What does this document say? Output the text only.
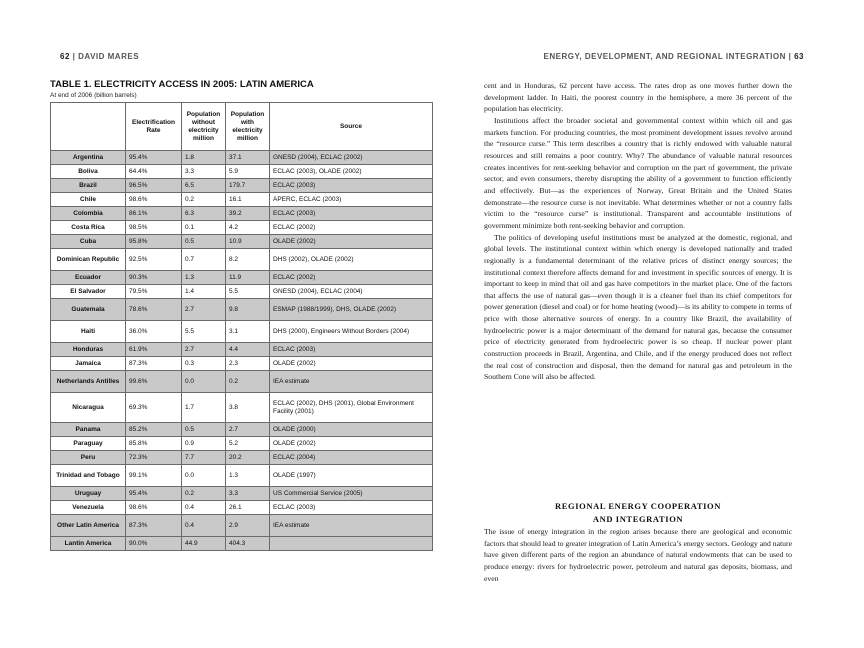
62 | DAVID MARES	ENERGY, DEVELOPMENT, AND REGIONAL INTEGRATION | 63
TABLE 1. ELECTRICITY ACCESS IN 2005: LATIN AMERICA
At end of 2006 (billion barrels)
	Electrification Rate	Population without electricity million	Population with electricity million	Source
Argentina	95.4%	1.8	37.1	GNESD (2004), ECLAC (2002)
Boliva	64.4%	3.3	5.9	ECLAC (2003), OLADE (2002)
Brazil	96.5%	6.5	179.7	ECLAC (2003)
Chile	98.6%	0.2	16.1	APERC, ECLAC (2003)
Colombia	86.1%	6.3	39.2	ECLAC (2003)
Costa Rica	98.5%	0.1	4.2	ECLAC (2002)
Cuba	95.8%	0.5	10.9	OLADE (2002)
Dominican Republic	92.5%	0.7	8.2	DHS (2002), OLADE (2002)
Ecuador	90.3%	1.3	11.9	ECLAC (2002)
El Salvador	79.5%	1.4	5.5	GNESD (2004), ECLAC (2004)
Guatemala	78.6%	2.7	9.8	ESMAP (1988/1999), DHS, OLADE (2002)
Haiti	36.0%	5.5	3.1	DHS (2000), Engineers Without Borders (2004)
Honduras	61.9%	2.7	4.4	ECLAC (2003)
Jamaica	87.3%	0.3	2.3	OLADE (2002)
Netherlands Antilles	99.6%	0.0	0.2	IEA estimate
Nicaragua	69.3%	1.7	3.8	ECLAC (2002), DHS (2001), Global Environment Facility (2001)
Panama	85.2%	0.5	2.7	OLADE (2000)
Paraguay	85.8%	0.9	5.2	OLADE (2002)
Peru	72.3%	7.7	20.2	ECLAC (2004)
Trinidad and Tobago	99.1%	0.0	1.3	OLADE (1997)
Uruguay	95.4%	0.2	3.3	US Commercial Service (2005)
Venezuela	98.6%	0.4	26.1	ECLAC (2003)
Other Latin America	87.3%	0.4	2.9	IEA estimate
Lantin America	90.0%	44.9	404.3	

cent and in Honduras, 62 percent have access. The rates drop as one moves further down the development ladder. In Haiti, the poorest country in the hemisphere, a mere 36 percent of the population has electricity.

Institutions affect the broader societal and governmental context within which oil and gas markets function. For producing countries, the most prominent development issues revolve around the “resource curse.” This term describes a country that is richly endowed with valuable natural resources and still remains a poor country. Why? The abundance of valuable natural resources creates incentives for rent-seeking behavior and corruption on the part of government, the private sector, and even consumers, thereby disrupting the ability of a government to function efficiently and effectively. But—as the experiences of Norway, Great Britain and the United States demonstrate—the resource curse is not inevitable. What determines whether or not a country falls victim to the “resource curse” is institutional. Transparent and accountable institutions of government minimize both rent-seeking behavior and corruption.

The politics of developing useful institutions must be analyzed at the domestic, regional, and global levels. The institutional context within which energy is developed nationally and traded regionally is a fundamental determinant of the relative prices of distinct energy sources; the institutional context therefore affects demand for and investment in specific sources of energy. It is important to keep in mind that oil and gas have competitors in the market place. One of the factors that affects the use of natural gas—even though it is a cleaner fuel than its chief competitors for power generation (diesel and coal) or for home heating (wood)—is its ability to compete in terms of price with those alternative sources of energy. In a country like Brazil, the availability of hydroelectric power is a major determinant of the demand for natural gas, because the consumer price of electricity generated from hydroelectric power is so cheap. If nuclear power plant construction proceeds in Brazil, Argentina, and Chile, and if the energy produced does not reflect the real cost of construction and disposal, then the demand for natural gas and petroleum in the Southern Cone will also be affected.

REGIONAL ENERGY COOPERATION
AND INTEGRATION

The issue of energy integration in the region arises because there are geological and economic factors that should lead to greater integration of Latin America’s energy sectors. Geology and nature have given different parts of the region an abundance of natural endowments that can be used to produce energy: rivers for hydroelectric power, petroleum and natural gas deposits, biomass, and even
